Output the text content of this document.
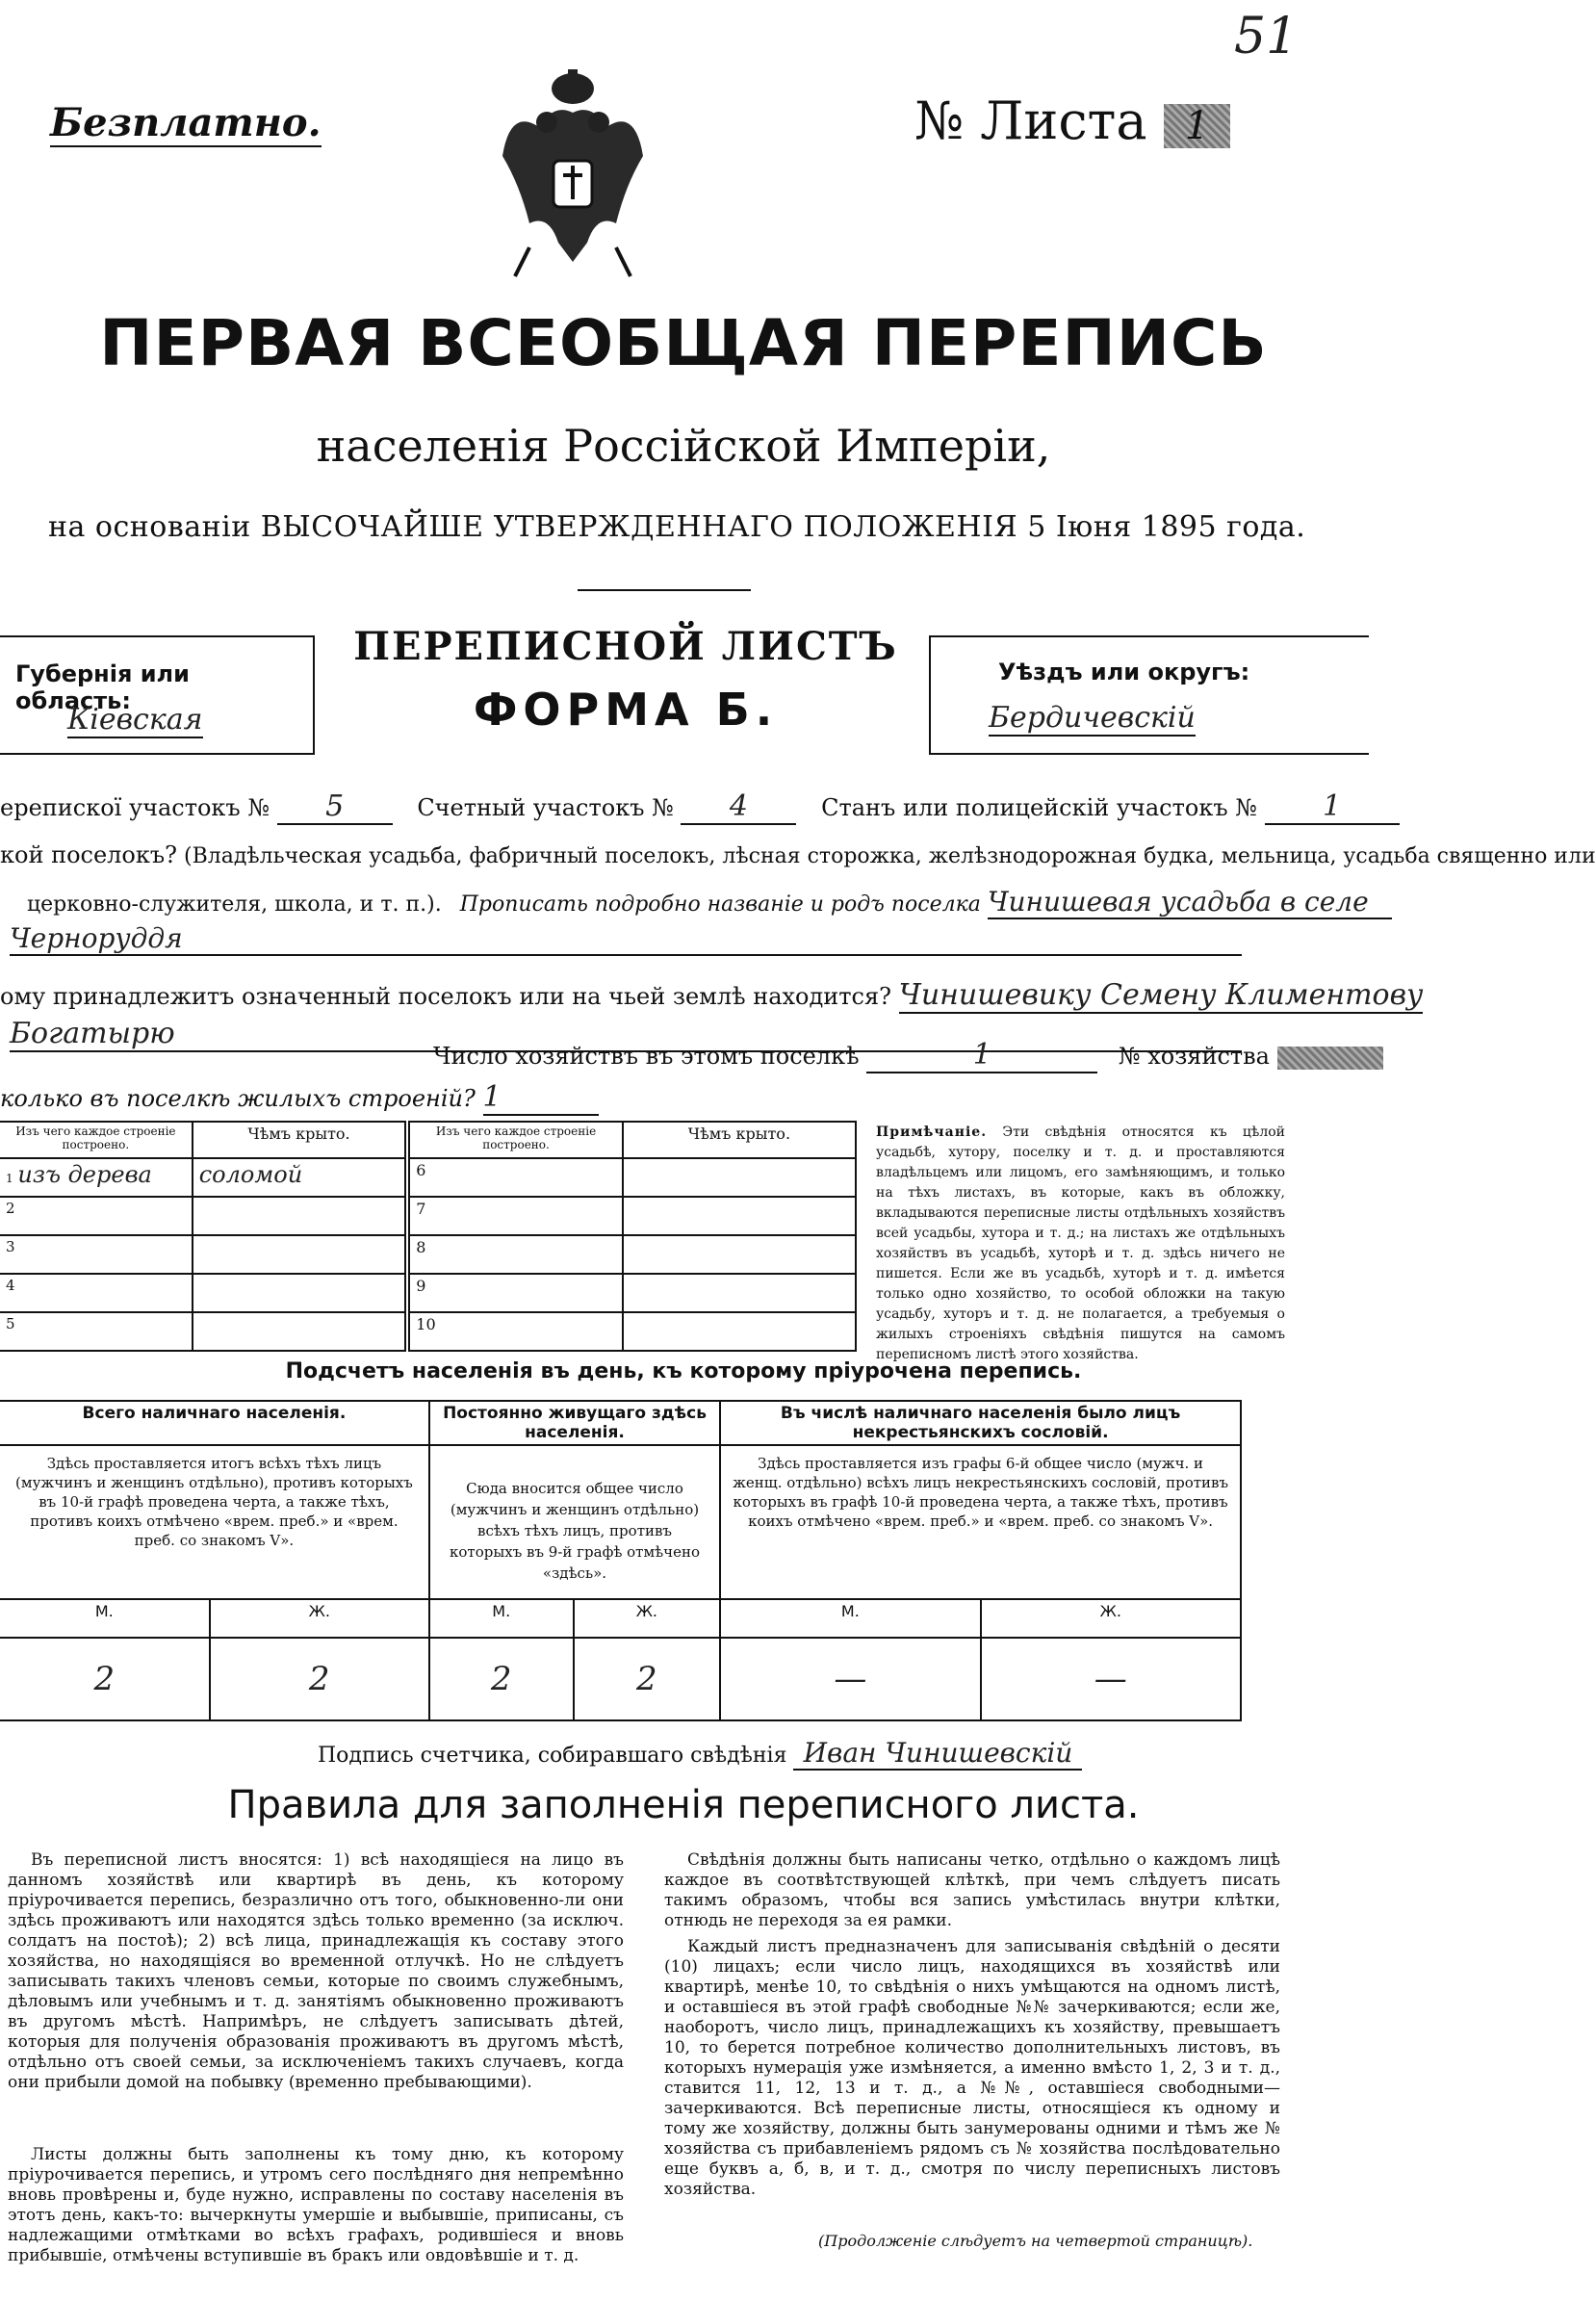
51
Безплатно.	№ Листа 1
ПЕРВАЯ ВСЕОБЩАЯ ПЕРЕПИСЬ
населенія Россійской Имперіи,
на основаніи ВЫСОЧАЙШЕ УТВЕРЖДЕННАГО ПОЛОЖЕНІЯ 5 Іюня 1895 года.
Губернія или область:
Кіевская
ПЕРЕПИСНОЙ ЛИСТЪ
ФОРМА Б.
Уѣздъ или округъ:
Бердичевскій
ерепискої участокъ № 5	Счетный участокъ № 4	Станъ или полицейскій участокъ № 1
кой поселокъ? (Владѣльческая усадьба, фабричный поселокъ, лѣсная сторожка, желѣзнодорожная будка, мельница, усадьба священно или
церковно-служителя, школа, и т. п.). Прописать подробно названіе и родъ поселка Чинишевая усадьба в селе
Черноруддя
ому принадлежитъ означенный поселокъ или на чьей землѣ находится? Чинишевику Семену Климентову
Богатырю
Число хозяйствъ въ этомъ поселкѣ	1	№ хозяйства
колько въ поселкѣ жилыхъ строеній? 1
Изъ чего каждое строеніе построено.	Чѣмъ крыто.	Изъ чего каждое строеніе построено.	Чѣмъ крыто.
1 изъ дерева	соломой	6	
2		7	
3		8	
4		9	
5		10	
Примѣчаніе. Эти свѣдѣнія относятся къ цѣлой усадьбѣ, хутору, поселку и т. д. и проставляются владѣльцемъ или лицомъ, его замѣняющимъ, и только на тѣхъ листахъ, въ которые, какъ въ обложку, вкладываются переписные листы отдѣльныхъ хозяйствъ всей усадьбы, хутора и т. д.; на листахъ же отдѣльныхъ хозяйствъ въ усадьбѣ, хуторѣ и т. д. здѣсь ничего не пишется. Если же въ усадьбѣ, хуторѣ и т. д. имѣется только одно хозяйство, то особой обложки на такую усадьбу, хуторъ и т. д. не полагается, а требуемыя о жилыхъ строеніяхъ свѣдѣнія пишутся на самомъ переписномъ листѣ этого хозяйства.
Подсчетъ населенія въ день, къ которому пріурочена перепись.
Всего наличнаго населенія.		Постоянно живущаго здѣсь населенія.		Въ числѣ наличнаго населенія было лицъ некрестьянскихъ сословій.	
Здѣсь проставляется итогъ всѣхъ тѣхъ лицъ (мужчинъ и женщинъ отдѣльно), противъ которыхъ въ 10-й графѣ проведена черта, а также тѣхъ, противъ коихъ отмѣчено «врем. преб.» и «врем. преб. со знакомъ V».		Сюда вносится общее число (мужчинъ и женщинъ отдѣльно) всѣхъ тѣхъ лицъ, противъ которыхъ въ 9-й графѣ отмѣчено «здѣсь».		Здѣсь проставляется изъ графы 6-й общее число (мужч. и женщ. отдѣльно) всѣхъ лицъ некрестьянскихъ сословій, противъ которыхъ въ графѣ 10-й проведена черта, а также тѣхъ, противъ коихъ отмѣчено «врем. преб.» и «врем. преб. со знакомъ V».	
М.	Ж.	М.	Ж.	М.	Ж.
2	2	2	2	—	—
Подпись счетчика, собиравшаго свѣдѣнія Иван Чинишевскій
Правила для заполненія переписного листа.
Въ переписной листъ вносятся: 1) всѣ находящіеся на лицо въ данномъ хозяйствѣ или квартирѣ въ день, къ которому пріурочивается перепись, безразлично отъ того, обыкновенно-ли они здѣсь проживаютъ или находятся здѣсь только временно (за исключ. солдатъ на постоѣ); 2) всѣ лица, принадлежащія къ составу этого хозяйства, но находящіяся во временной отлучкѣ. Но не слѣдуетъ записывать такихъ членовъ семьи, которые по своимъ служебнымъ, дѣловымъ или учебнымъ и т. д. занятіямъ обыкновенно проживаютъ въ другомъ мѣстѣ. Напримѣръ, не слѣдуетъ записывать дѣтей, которыя для полученія образованія проживаютъ въ другомъ мѣстѣ, отдѣльно отъ своей семьи, за исключеніемъ такихъ случаевъ, когда они прибыли домой на побывку (временно пребывающими).
Листы должны быть заполнены къ тому дню, къ которому пріурочивается перепись, и утромъ сего послѣдняго дня непремѣнно вновь провѣрены и, буде нужно, исправлены по составу населенія въ этотъ день, какъ-то: вычеркнуты умершіе и выбывшіе, приписаны, съ надлежащими отмѣтками во всѣхъ графахъ, родившіеся и вновь прибывшіе, отмѣчены вступившіе въ бракъ или овдовѣвшіе и т. д.
Свѣдѣнія должны быть написаны четко, отдѣльно о каждомъ лицѣ каждое въ соотвѣтствующей клѣткѣ, при чемъ слѣдуетъ писать такимъ образомъ, чтобы вся запись умѣстилась внутри клѣтки, отнюдь не переходя за ея рамки.
Каждый листъ предназначенъ для записыванія свѣдѣній о десяти (10) лицахъ; если число лицъ, находящихся въ хозяйствѣ или квартирѣ, менѣе 10, то свѣдѣнія о нихъ умѣщаются на одномъ листѣ, и оставшіеся въ этой графѣ свободные №№ зачеркиваются; если же, наоборотъ, число лицъ, принадлежащихъ къ хозяйству, превышаетъ 10, то берется потребное количество дополнительныхъ листовъ, въ которыхъ нумерація уже измѣняется, а именно вмѣсто 1, 2, 3 и т. д., ставится 11, 12, 13 и т. д., а №№, оставшіеся свободными—зачеркиваются. Всѣ переписные листы, относящіеся къ одному и тому же хозяйству, должны быть занумерованы одними и тѣмъ же № хозяйства съ прибавленіемъ рядомъ съ № хозяйства послѣдовательно еще буквъ а, б, в, и т. д., смотря по числу переписныхъ листовъ хозяйства.
(Продолженіе слѣдуетъ на четвертой страницѣ).
